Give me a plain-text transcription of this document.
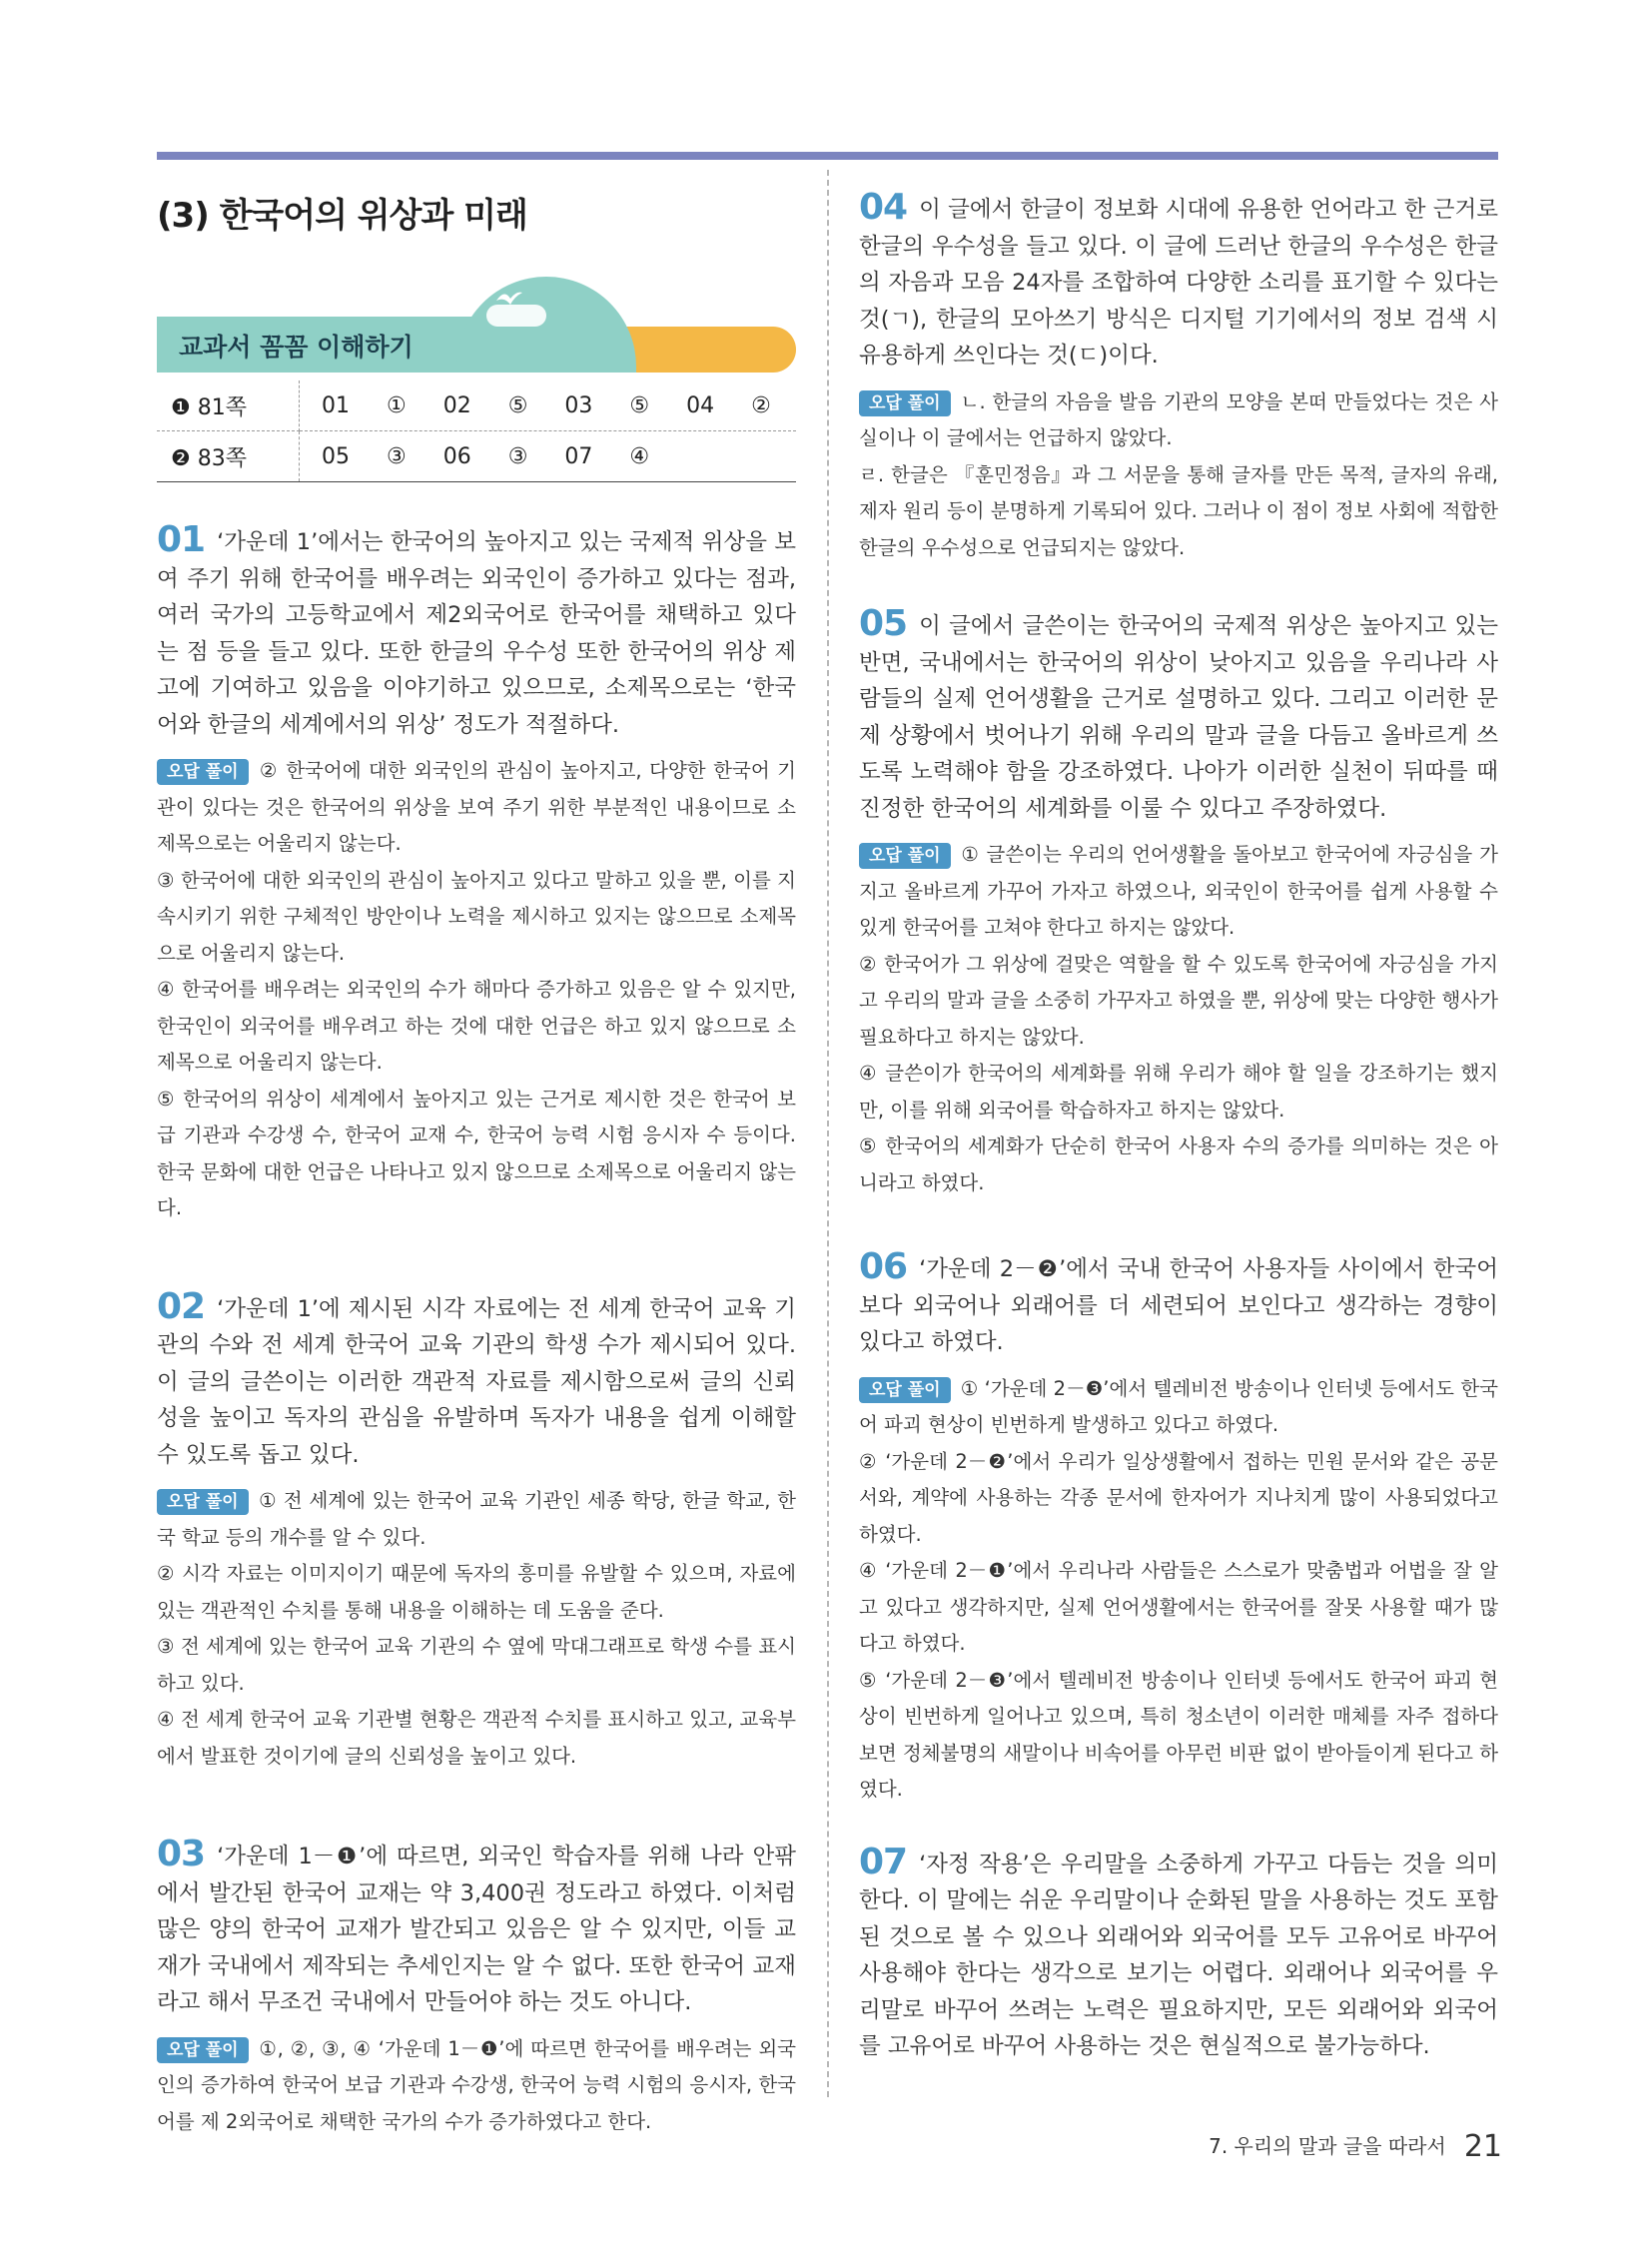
(3) 한국어의 위상과 미래
교과서 꼼꼼 이해하기
❶ 81쪽	01 ① 02 ⑤ 03 ⑤ 04 ②
❷ 83쪽	05 ③ 06 ③ 07 ④
01 ‘가운데 1’에서는 한국어의 높아지고 있는 국제적 위상을 보여 주기 위해 한국어를 배우려는 외국인이 증가하고 있다는 점과, 여러 국가의 고등학교에서 제2외국어로 한국어를 채택하고 있다는 점 등을 들고 있다. 또한 한글의 우수성 또한 한국어의 위상 제고에 기여하고 있음을 이야기하고 있으므로, 소제목으로는 ‘한국어와 한글의 세계에서의 위상’ 정도가 적절하다.

오답 풀이 ② 한국어에 대한 외국인의 관심이 높아지고, 다양한 한국어 기관이 있다는 것은 한국어의 위상을 보여 주기 위한 부분적인 내용이므로 소제목으로는 어울리지 않는다.

③ 한국어에 대한 외국인의 관심이 높아지고 있다고 말하고 있을 뿐, 이를 지속시키기 위한 구체적인 방안이나 노력을 제시하고 있지는 않으므로 소제목으로 어울리지 않는다.

④ 한국어를 배우려는 외국인의 수가 해마다 증가하고 있음은 알 수 있지만, 한국인이 외국어를 배우려고 하는 것에 대한 언급은 하고 있지 않으므로 소제목으로 어울리지 않는다.

⑤ 한국어의 위상이 세계에서 높아지고 있는 근거로 제시한 것은 한국어 보급 기관과 수강생 수, 한국어 교재 수, 한국어 능력 시험 응시자 수 등이다. 한국 문화에 대한 언급은 나타나고 있지 않으므로 소제목으로 어울리지 않는다.

02 ‘가운데 1’에 제시된 시각 자료에는 전 세계 한국어 교육 기관의 수와 전 세계 한국어 교육 기관의 학생 수가 제시되어 있다. 이 글의 글쓴이는 이러한 객관적 자료를 제시함으로써 글의 신뢰성을 높이고 독자의 관심을 유발하며 독자가 내용을 쉽게 이해할 수 있도록 돕고 있다.

오답 풀이 ① 전 세계에 있는 한국어 교육 기관인 세종 학당, 한글 학교, 한국 학교 등의 개수를 알 수 있다.

② 시각 자료는 이미지이기 때문에 독자의 흥미를 유발할 수 있으며, 자료에 있는 객관적인 수치를 통해 내용을 이해하는 데 도움을 준다.

③ 전 세계에 있는 한국어 교육 기관의 수 옆에 막대그래프로 학생 수를 표시하고 있다.

④ 전 세계 한국어 교육 기관별 현황은 객관적 수치를 표시하고 있고, 교육부에서 발표한 것이기에 글의 신뢰성을 높이고 있다.

03 ‘가운데 1－❶’에 따르면, 외국인 학습자를 위해 나라 안팎에서 발간된 한국어 교재는 약 3,400권 정도라고 하였다. 이처럼 많은 양의 한국어 교재가 발간되고 있음은 알 수 있지만, 이들 교재가 국내에서 제작되는 추세인지는 알 수 없다. 또한 한국어 교재라고 해서 무조건 국내에서 만들어야 하는 것도 아니다.

오답 풀이 ①, ②, ③, ④ ‘가운데 1－❶’에 따르면 한국어를 배우려는 외국인의 증가하여 한국어 보급 기관과 수강생, 한국어 능력 시험의 응시자, 한국어를 제 2외국어로 채택한 국가의 수가 증가하였다고 한다.

04 이 글에서 한글이 정보화 시대에 유용한 언어라고 한 근거로 한글의 우수성을 들고 있다. 이 글에 드러난 한글의 우수성은 한글의 자음과 모음 24자를 조합하여 다양한 소리를 표기할 수 있다는 것(ㄱ), 한글의 모아쓰기 방식은 디지털 기기에서의 정보 검색 시 유용하게 쓰인다는 것(ㄷ)이다.

오답 풀이 ㄴ. 한글의 자음을 발음 기관의 모양을 본떠 만들었다는 것은 사실이나 이 글에서는 언급하지 않았다.

ㄹ. 한글은 『훈민정음』과 그 서문을 통해 글자를 만든 목적, 글자의 유래, 제자 원리 등이 분명하게 기록되어 있다. 그러나 이 점이 정보 사회에 적합한 한글의 우수성으로 언급되지는 않았다.

05 이 글에서 글쓴이는 한국어의 국제적 위상은 높아지고 있는 반면, 국내에서는 한국어의 위상이 낮아지고 있음을 우리나라 사람들의 실제 언어생활을 근거로 설명하고 있다. 그리고 이러한 문제 상황에서 벗어나기 위해 우리의 말과 글을 다듬고 올바르게 쓰도록 노력해야 함을 강조하였다. 나아가 이러한 실천이 뒤따를 때 진정한 한국어의 세계화를 이룰 수 있다고 주장하였다.

오답 풀이 ① 글쓴이는 우리의 언어생활을 돌아보고 한국어에 자긍심을 가지고 올바르게 가꾸어 가자고 하였으나, 외국인이 한국어를 쉽게 사용할 수 있게 한국어를 고쳐야 한다고 하지는 않았다.

② 한국어가 그 위상에 걸맞은 역할을 할 수 있도록 한국어에 자긍심을 가지고 우리의 말과 글을 소중히 가꾸자고 하였을 뿐, 위상에 맞는 다양한 행사가 필요하다고 하지는 않았다.

④ 글쓴이가 한국어의 세계화를 위해 우리가 해야 할 일을 강조하기는 했지만, 이를 위해 외국어를 학습하자고 하지는 않았다.

⑤ 한국어의 세계화가 단순히 한국어 사용자 수의 증가를 의미하는 것은 아니라고 하였다.

06 ‘가운데 2－❷’에서 국내 한국어 사용자들 사이에서 한국어보다 외국어나 외래어를 더 세련되어 보인다고 생각하는 경향이 있다고 하였다.

오답 풀이 ① ‘가운데 2－❸’에서 텔레비전 방송이나 인터넷 등에서도 한국어 파괴 현상이 빈번하게 발생하고 있다고 하였다.

② ‘가운데 2－❷’에서 우리가 일상생활에서 접하는 민원 문서와 같은 공문서와, 계약에 사용하는 각종 문서에 한자어가 지나치게 많이 사용되었다고 하였다.

④ ‘가운데 2－❶’에서 우리나라 사람들은 스스로가 맞춤법과 어법을 잘 알고 있다고 생각하지만, 실제 언어생활에서는 한국어를 잘못 사용할 때가 많다고 하였다.

⑤ ‘가운데 2－❸’에서 텔레비전 방송이나 인터넷 등에서도 한국어 파괴 현상이 빈번하게 일어나고 있으며, 특히 청소년이 이러한 매체를 자주 접하다 보면 정체불명의 새말이나 비속어를 아무런 비판 없이 받아들이게 된다고 하였다.

07 ‘자정 작용’은 우리말을 소중하게 가꾸고 다듬는 것을 의미한다. 이 말에는 쉬운 우리말이나 순화된 말을 사용하는 것도 포함된 것으로 볼 수 있으나 외래어와 외국어를 모두 고유어로 바꾸어 사용해야 한다는 생각으로 보기는 어렵다. 외래어나 외국어를 우리말로 바꾸어 쓰려는 노력은 필요하지만, 모든 외래어와 외국어를 고유어로 바꾸어 사용하는 것은 현실적으로 불가능하다.
7. 우리의 말과 글을 따라서 21
